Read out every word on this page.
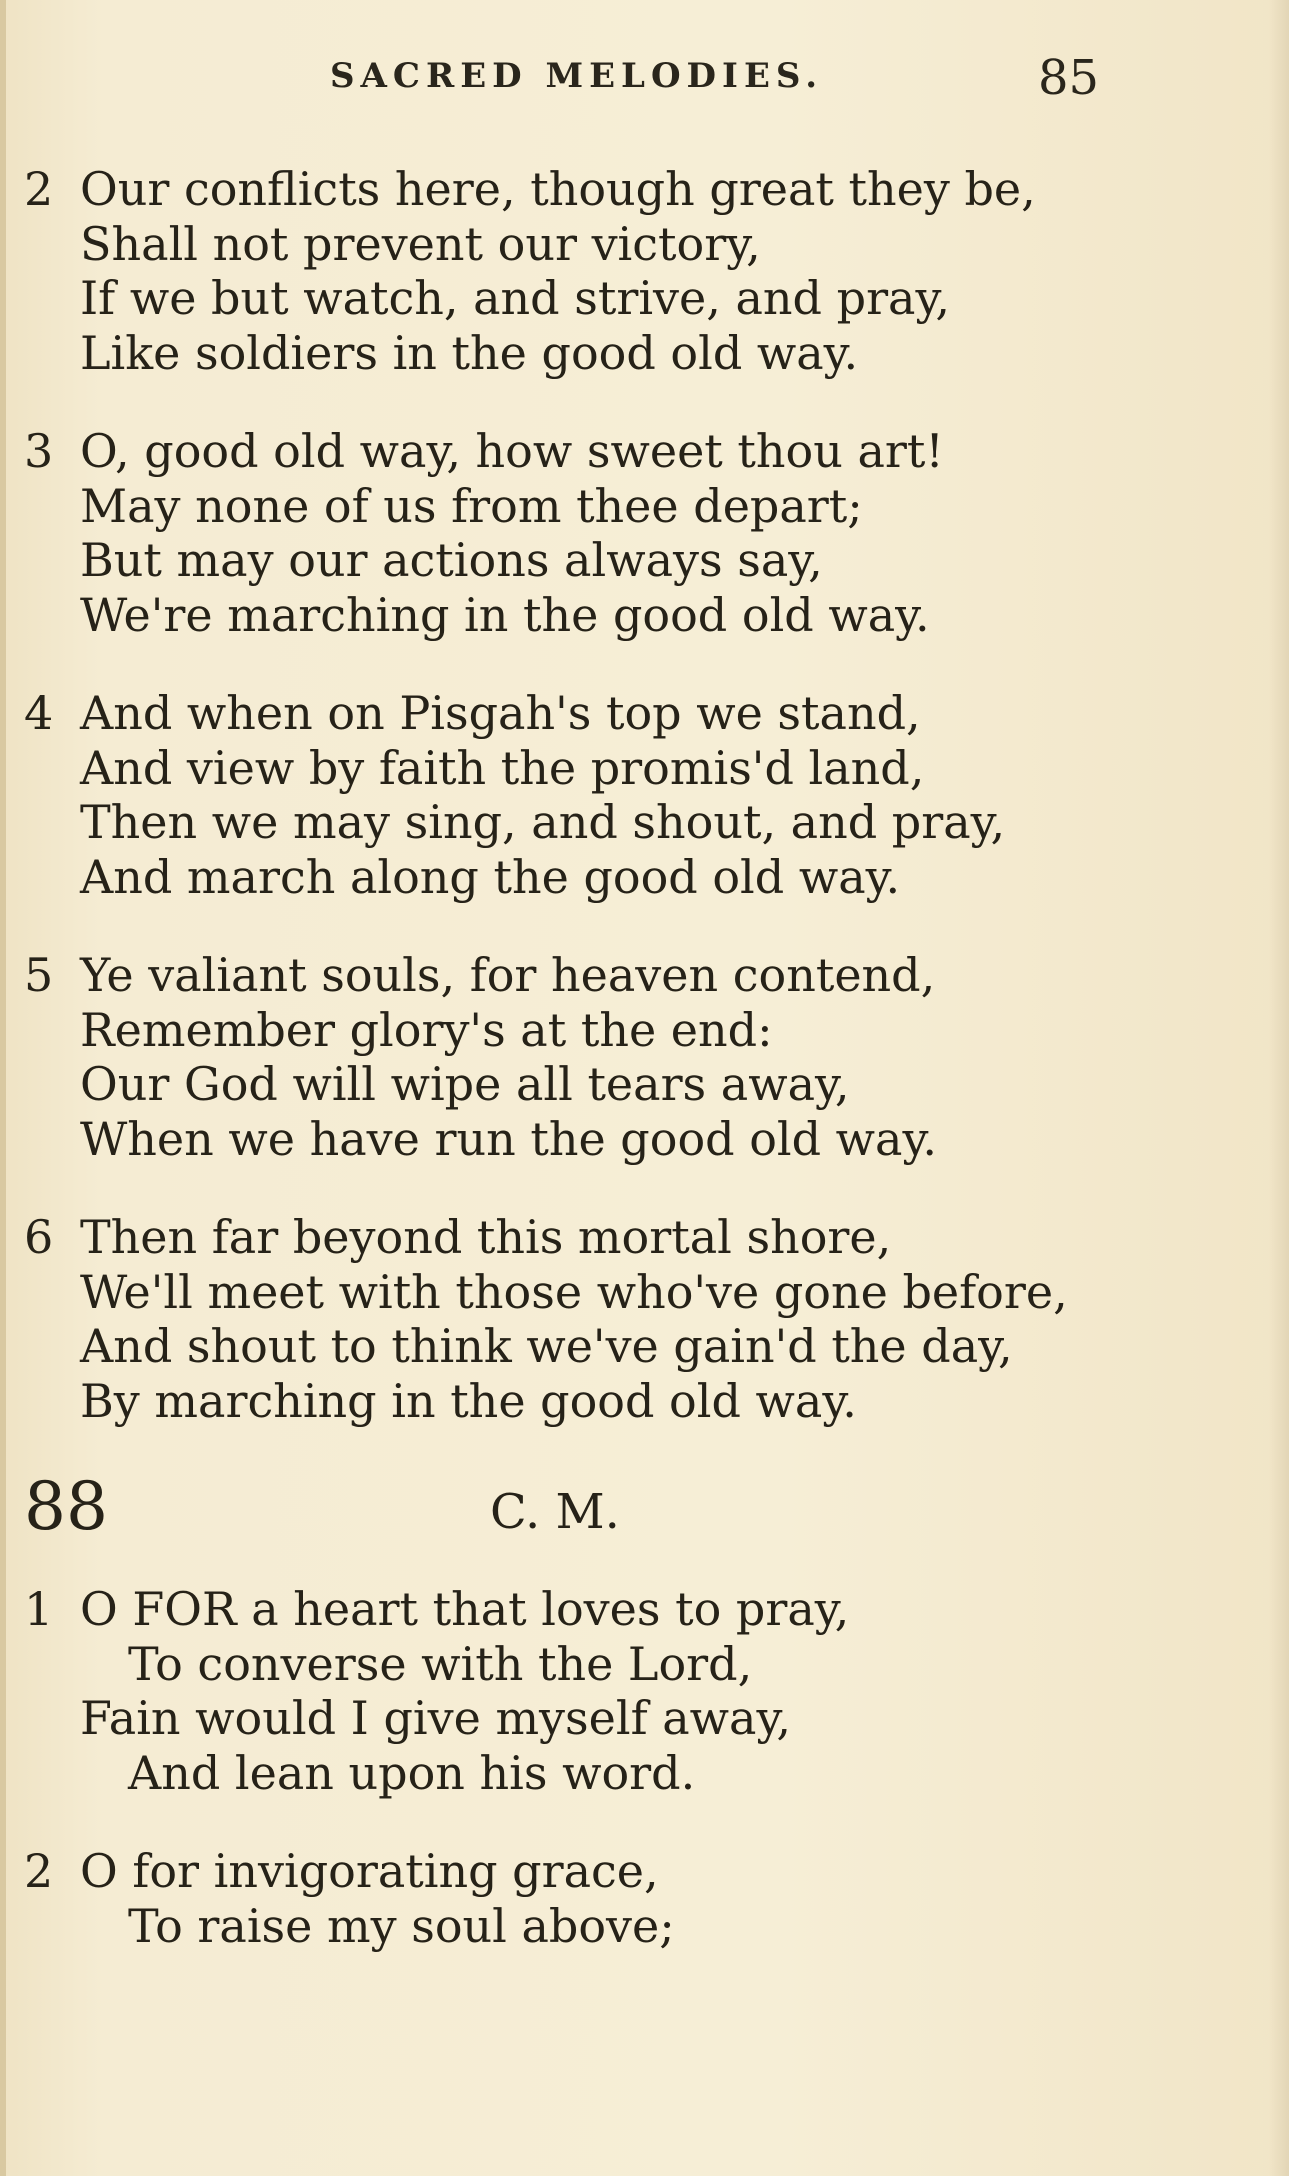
SACRED MELODIES.	85
2 Our conflicts here, though great they be,
Shall not prevent our victory,
If we but watch, and strive, and pray,
Like soldiers in the good old way.
3 O, good old way, how sweet thou art!
May none of us from thee depart;
But may our actions always say,
We're marching in the good old way.
4 And when on Pisgah's top we stand,
And view by faith the promis'd land,
Then we may sing, and shout, and pray,
And march along the good old way.
5 Ye valiant souls, for heaven contend,
Remember glory's at the end:
Our God will wipe all tears away,
When we have run the good old way.
6 Then far beyond this mortal shore,
We'll meet with those who've gone before,
And shout to think we've gain'd the day,
By marching in the good old way.
88	C. M.
1 O FOR a heart that loves to pray,
To converse with the Lord,
Fain would I give myself away,
And lean upon his word.
2 O for invigorating grace,
To raise my soul above;
